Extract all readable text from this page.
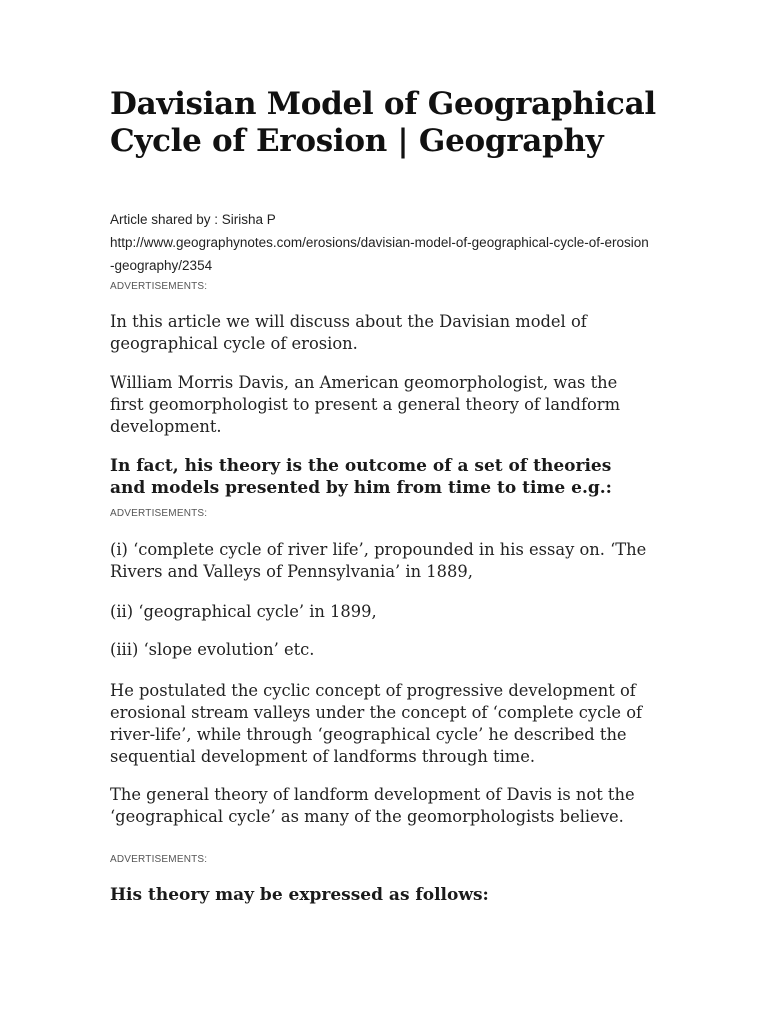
Davisian Model of Geographical Cycle of Erosion | Geography

Article shared by : Sirisha P

http://www.geographynotes.com/erosions/davisian-model-of-geographical-cycle-of-erosion-geography/2354

ADVERTISEMENTS:

In this article we will discuss about the Davisian model of geographical cycle of erosion.

William Morris Davis, an American geomorphologist, was the first geomorphologist to present a general theory of landform development.

In fact, his theory is the outcome of a set of theories and models presented by him from time to time e.g.:

ADVERTISEMENTS:

(i) ‘complete cycle of river life’, propounded in his essay on. ‘The Rivers and Valleys of Pennsylvania’ in 1889,

(ii) ‘geographical cycle’ in 1899,

(iii) ‘slope evolution’ etc.

He postulated the cyclic concept of progressive development of erosional stream valleys under the concept of ‘complete cycle of river-life’, while through ‘geographical cycle’ he described the sequential development of landforms through time.

The general theory of landform development of Davis is not the ‘geographical cycle’ as many of the geomorphologists believe.

ADVERTISEMENTS:

His theory may be expressed as follows:
